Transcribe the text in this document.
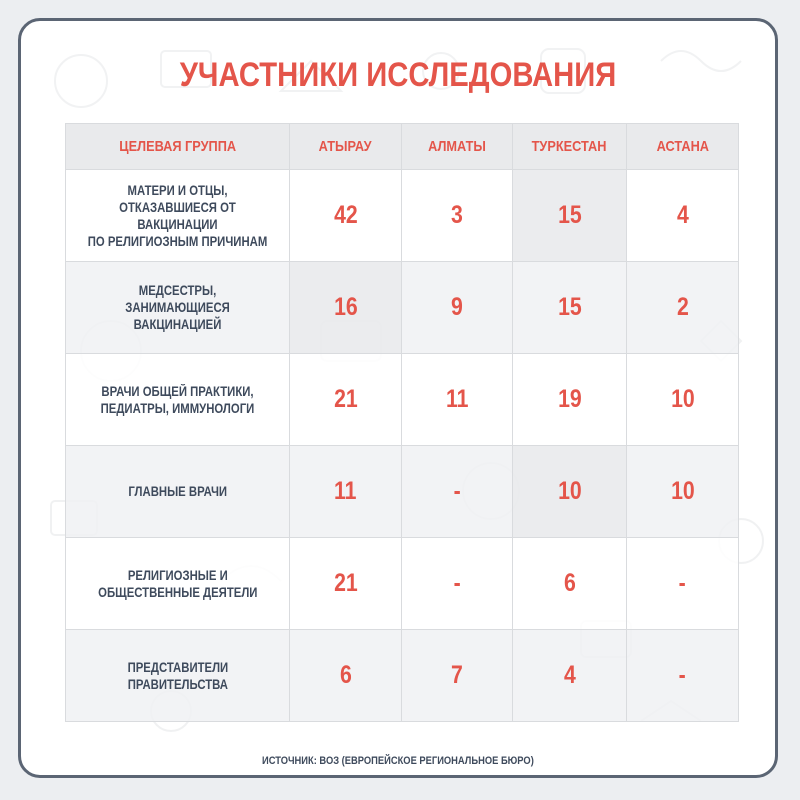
УЧАСТНИКИ ИССЛЕДОВАНИЯ
ЦЕЛЕВАЯ ГРУППА	АТЫРАУ	АЛМАТЫ	ТУРКЕСТАН	АСТАНА
МАТЕРИ И ОТЦЫ,
ОТКАЗАВШИЕСЯ ОТ ВАКЦИНАЦИИ
ПО РЕЛИГИОЗНЫМ ПРИЧИНАМ	42	3	15	4
МЕДСЕСТРЫ,
ЗАНИМАЮЩИЕСЯ ВАКЦИНАЦИЕЙ	16	9	15	2
ВРАЧИ ОБЩЕЙ ПРАКТИКИ,
ПЕДИАТРЫ, ИММУНОЛОГИ	21	11	19	10
ГЛАВНЫЕ ВРАЧИ	11	-	10	10
РЕЛИГИОЗНЫЕ И
ОБЩЕСТВЕННЫЕ ДЕЯТЕЛИ	21	-	6	-
ПРЕДСТАВИТЕЛИ
ПРАВИТЕЛЬСТВА	6	7	4	-
ИСТОЧНИК: ВОЗ (ЕВРОПЕЙСКОЕ РЕГИОНАЛЬНОЕ БЮРО)
